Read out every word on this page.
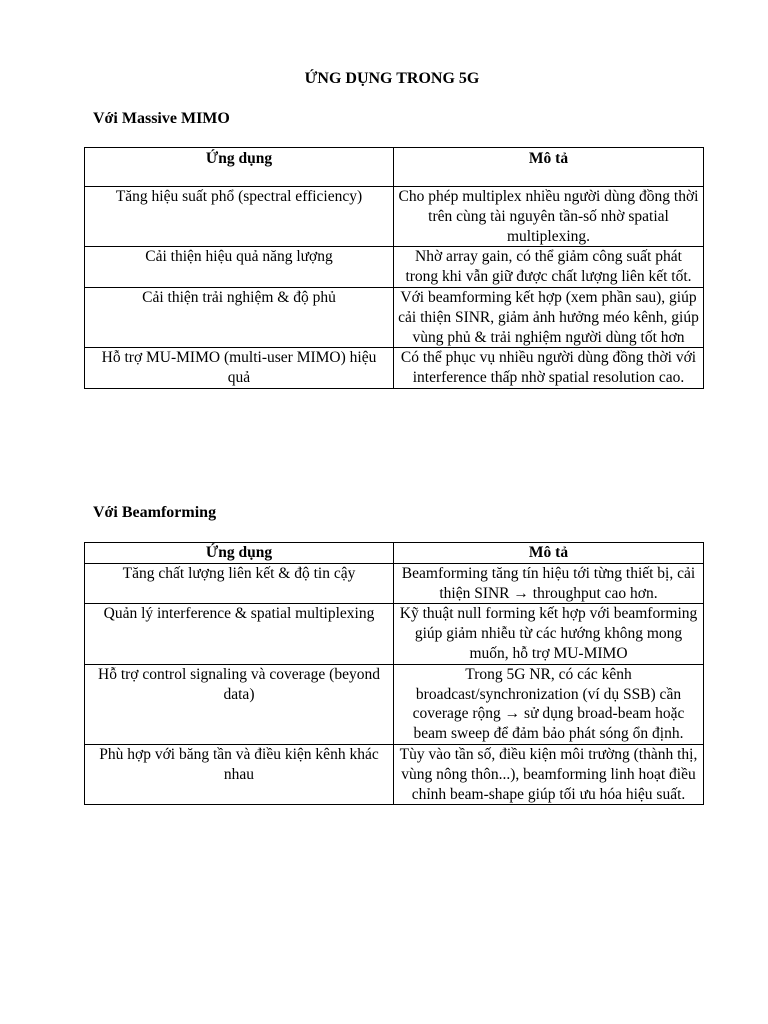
ỨNG DỤNG TRONG 5G
Với Massive MIMO
Ứng dụng	Mô tả
Tăng hiệu suất phổ (spectral efficiency)	Cho phép multiplex nhiều người dùng đồng thời trên cùng tài nguyên tần-số nhờ spatial multiplexing.
Cải thiện hiệu quả năng lượng	Nhờ array gain, có thể giảm công suất phát trong khi vẫn giữ được chất lượng liên kết tốt.
Cải thiện trải nghiệm & độ phủ	Với beamforming kết hợp (xem phần sau), giúp cải thiện SINR, giảm ảnh hưởng méo kênh, giúp vùng phủ & trải nghiệm người dùng tốt hơn
Hỗ trợ MU-MIMO (multi-user MIMO) hiệu quả	Có thể phục vụ nhiều người dùng đồng thời với interference thấp nhờ spatial resolution cao.
Với Beamforming
Ứng dụng	Mô tả
Tăng chất lượng liên kết & độ tin cậy	Beamforming tăng tín hiệu tới từng thiết bị, cải thiện SINR → throughput cao hơn.
Quản lý interference & spatial multiplexing	Kỹ thuật null forming kết hợp với beamforming giúp giảm nhiễu từ các hướng không mong muốn, hỗ trợ MU-MIMO
Hỗ trợ control signaling và coverage (beyond data)	Trong 5G NR, có các kênh broadcast/synchronization (ví dụ SSB) cần coverage rộng → sử dụng broad-beam hoặc beam sweep để đảm bảo phát sóng ổn định.
Phù hợp với băng tần và điều kiện kênh khác nhau	Tùy vào tần số, điều kiện môi trường (thành thị, vùng nông thôn...), beamforming linh hoạt điều chỉnh beam-shape giúp tối ưu hóa hiệu suất.
